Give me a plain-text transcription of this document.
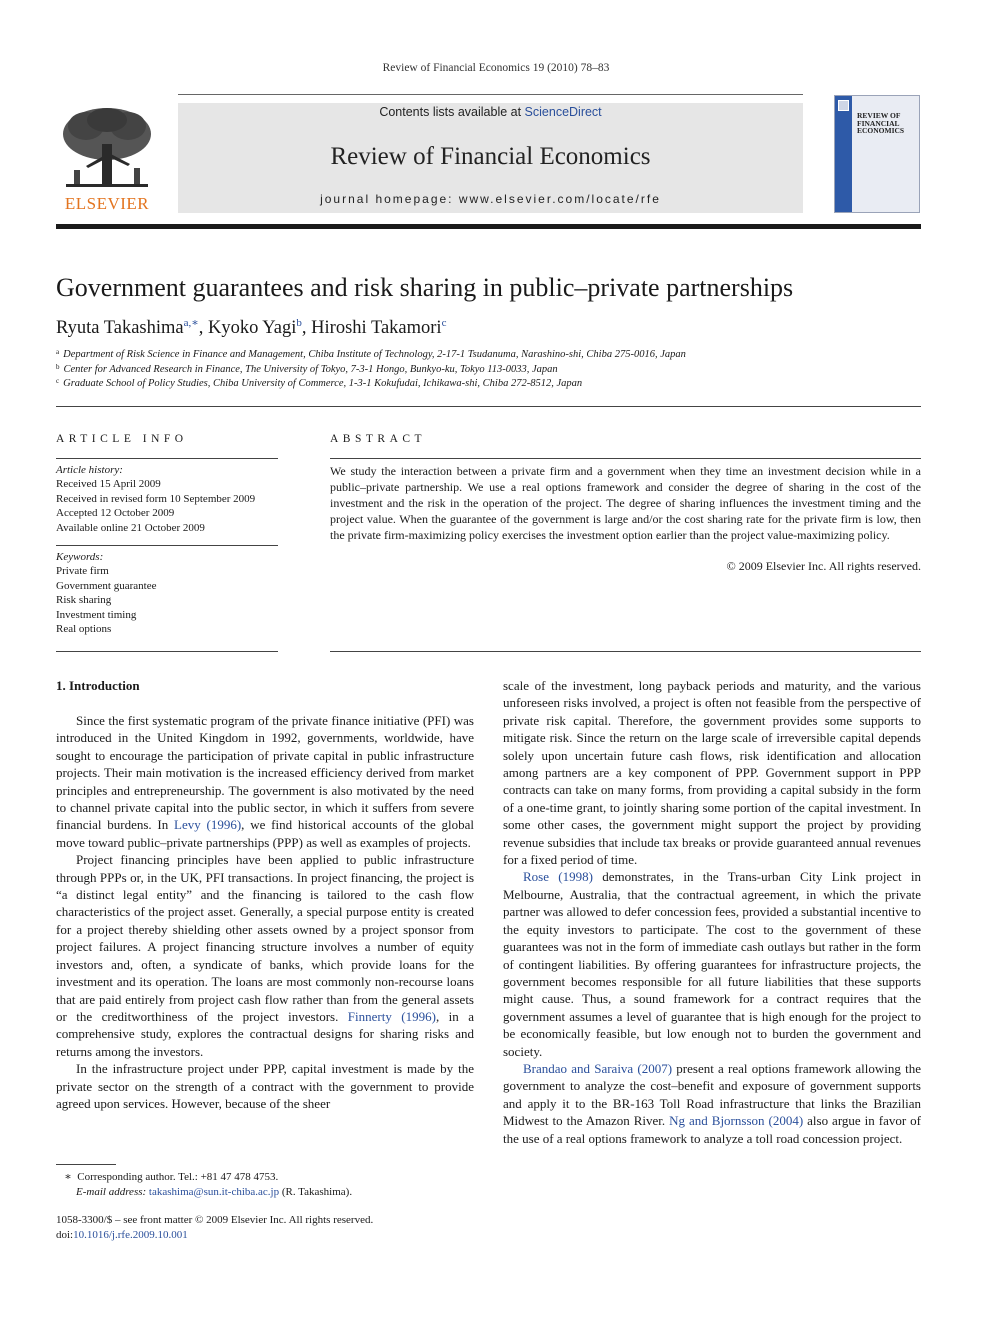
Review of Financial Economics 19 (2010) 78–83
ELSEVIER
Contents lists available at ScienceDirect
Review of Financial Economics
journal homepage: www.elsevier.com/locate/rfe
REVIEW OF FINANCIAL ECONOMICS
Government guarantees and risk sharing in public–private partnerships
Ryuta Takashima$^{a,∗}$, Kyoko Yagi$^b$, Hiroshi Takamori$^c$
$^a$ Department of Risk Science in Finance and Management, Chiba Institute of Technology, 2-17-1 Tsudanuma, Narashino-shi, Chiba 275-0016, Japan
$^b$ Center for Advanced Research in Finance, The University of Tokyo, 7-3-1 Hongo, Bunkyo-ku, Tokyo 113-0033, Japan
$^c$ Graduate School of Policy Studies, Chiba University of Commerce, 1-3-1 Kokufudai, Ichikawa-shi, Chiba 272-8512, Japan
ARTICLE INFO
Article history:
Received 15 April 2009
Received in revised form 10 September 2009
Accepted 12 October 2009
Available online 21 October 2009
Keywords:
Private firm
Government guarantee
Risk sharing
Investment timing
Real options
ABSTRACT
We study the interaction between a private firm and a government when they time an investment decision while in a public–private partnership. We use a real options framework and consider the degree of sharing in the cost of the investment and the risk in the operation of the project. The degree of sharing influences the investment timing and the project value. When the guarantee of the government is large and/or the cost sharing rate for the private firm is low, then the private firm-maximizing policy exercises the investment option earlier than the project value-maximizing policy.
© 2009 Elsevier Inc. All rights reserved.
1. Introduction

Since the first systematic program of the private finance initiative (PFI) was introduced in the United Kingdom in 1992, governments, worldwide, have sought to encourage the participation of private capital in public infrastructure projects. Their main motivation is the increased efficiency derived from market principles and entrepreneurship. The government is also motivated by the need to channel private capital into the public sector, in which it suffers from severe financial burdens. In Levy (1996), we find historical accounts of the global move toward public–private partnerships (PPP) as well as examples of projects.

Project financing principles have been applied to public infrastructure through PPPs or, in the UK, PFI transactions. In project financing, the project is “a distinct legal entity” and the financing is tailored to the cash flow characteristics of the project asset. Generally, a special purpose entity is created for a project thereby shielding other assets owned by a project sponsor from project failures. A project financing structure involves a number of equity investors and, often, a syndicate of banks, which provide loans for the investment and its operation. The loans are most commonly non-recourse loans that are paid entirely from project cash flow rather than from the general assets or the creditworthiness of the project investors. Finnerty (1996), in a comprehensive study, explores the contractual designs for sharing risks and returns among the investors.

In the infrastructure project under PPP, capital investment is made by the private sector on the strength of a contract with the government to provide agreed upon services. However, because of the sheer

scale of the investment, long payback periods and maturity, and the various unforeseen risks involved, a project is often not feasible from the perspective of private risk capital. Therefore, the government provides some supports to mitigate risk. Since the return on the large scale of irreversible capital depends solely upon uncertain future cash flows, risk identification and allocation among partners are a key component of PPP. Government support in PPP contracts can take on many forms, from providing a capital subsidy in the form of a one-time grant, to jointly sharing some portion of the capital investment. In some other cases, the government might support the project by providing revenue subsidies that include tax breaks or provide guaranteed annual revenues for a fixed period of time.

Rose (1998) demonstrates, in the Trans-urban City Link project in Melbourne, Australia, that the contractual agreement, in which the private partner was allowed to defer concession fees, provided a substantial incentive to the equity investors to participate. The cost to the government of these guarantees was not in the form of immediate cash outlays but rather in the form of contingent liabilities. By offering guarantees for infrastructure projects, the government becomes responsible for all future liabilities that these supports might cause. Thus, a sound framework for a contract requires that the government assumes a level of guarantee that is high enough for the project to be economically feasible, but low enough not to burden the government and society.

Brandao and Saraiva (2007) present a real options framework allowing the government to analyze the cost–benefit and exposure of government supports and apply it to the BR-163 Toll Road infrastructure that links the Brazilian Midwest to the Amazon River. Ng and Bjornsson (2004) also argue in favor of the use of a real options framework to analyze a toll road concession project.

∗ Corresponding author. Tel.: +81 47 478 4753.
E-mail address: takashima@sun.it-chiba.ac.jp (R. Takashima).
1058-3300/$ – see front matter © 2009 Elsevier Inc. All rights reserved.
doi:10.1016/j.rfe.2009.10.001
